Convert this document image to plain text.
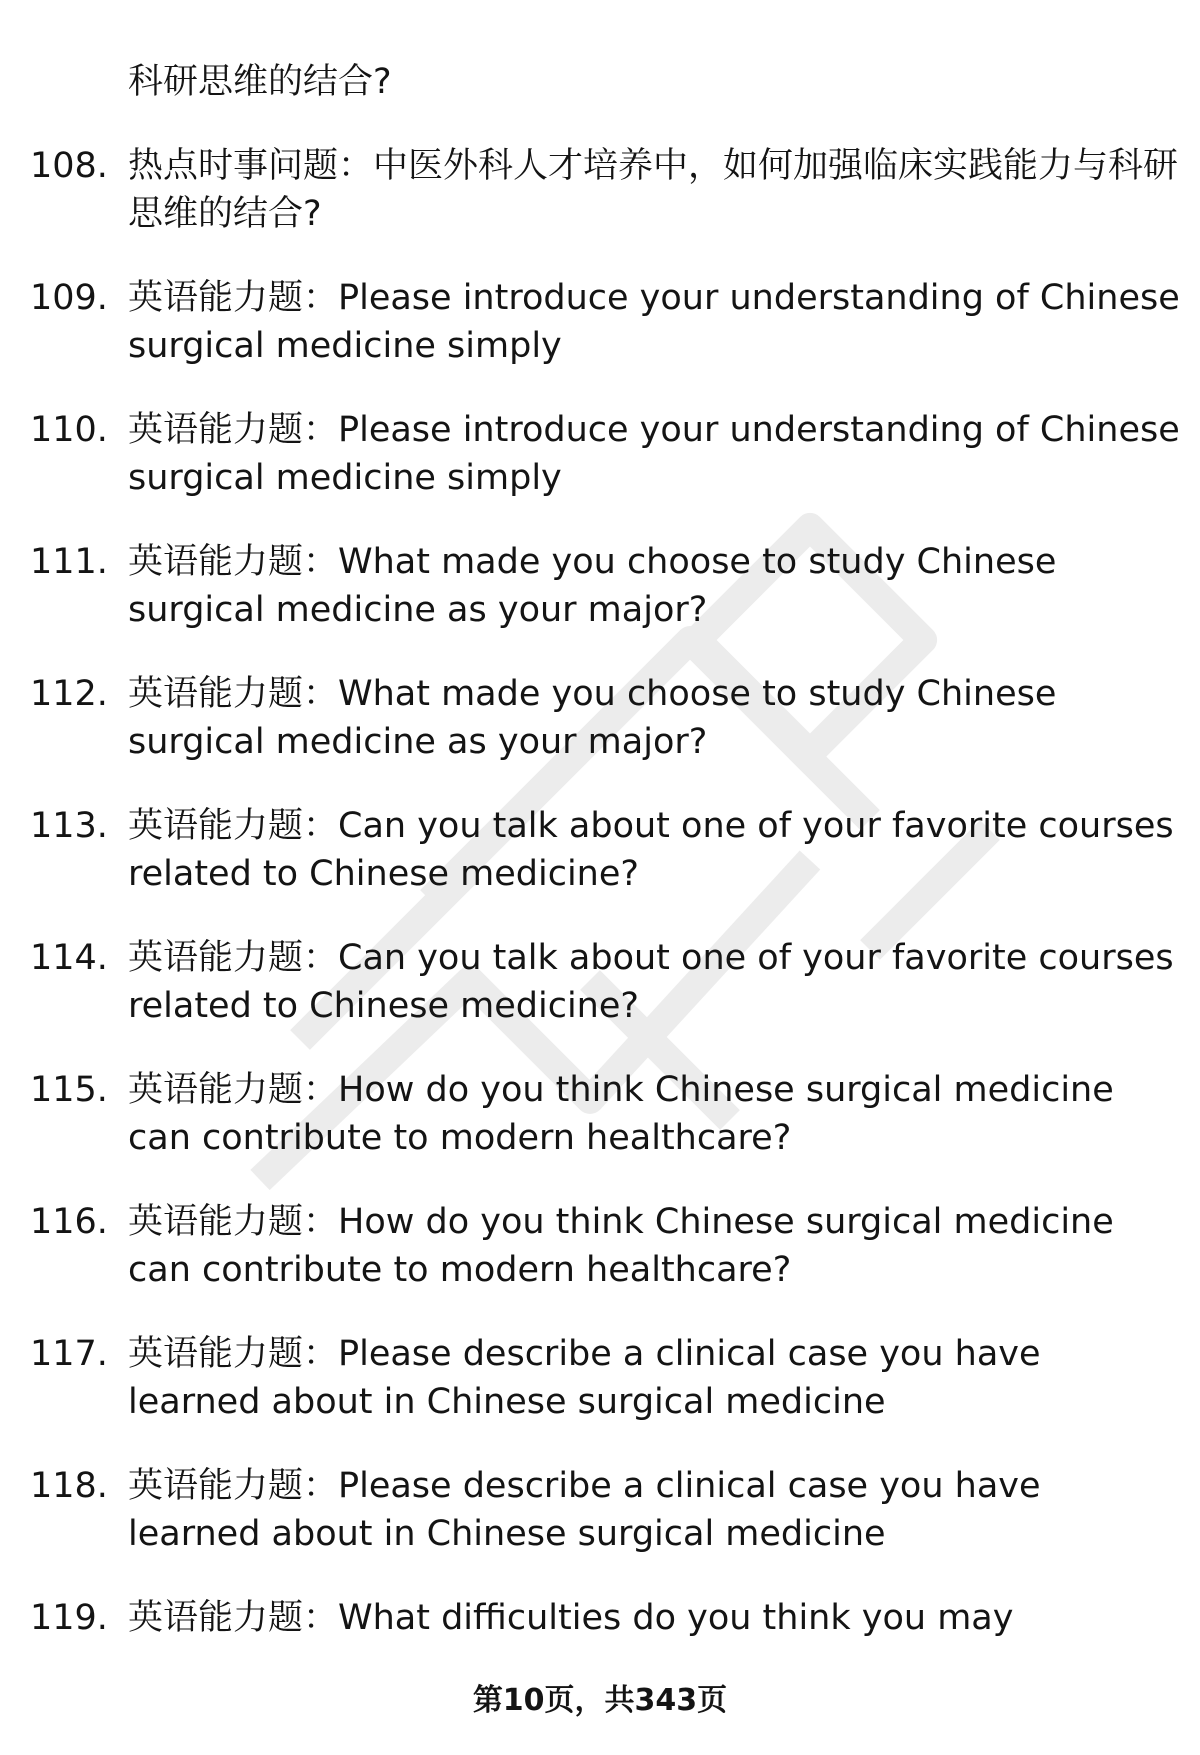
科研思维的结合?
108. 热点时事问题：中医外科人才培养中，如何加强临床实践能力与科研思维的结合?
109. 英语能力题：Please introduce your understanding of Chinese surgical medicine simply
110. 英语能力题：Please introduce your understanding of Chinese surgical medicine simply
111. 英语能力题：What made you choose to study Chinese surgical medicine as your major?
112. 英语能力题：What made you choose to study Chinese surgical medicine as your major?
113. 英语能力题：Can you talk about one of your favorite courses related to Chinese medicine?
114. 英语能力题：Can you talk about one of your favorite courses related to Chinese medicine?
115. 英语能力题：How do you think Chinese surgical medicine can contribute to modern healthcare?
116. 英语能力题：How do you think Chinese surgical medicine can contribute to modern healthcare?
117. 英语能力题：Please describe a clinical case you have learned about in Chinese surgical medicine
118. 英语能力题：Please describe a clinical case you have learned about in Chinese surgical medicine
119. 英语能力题：What difficulties do you think you may
第10页，共343页
